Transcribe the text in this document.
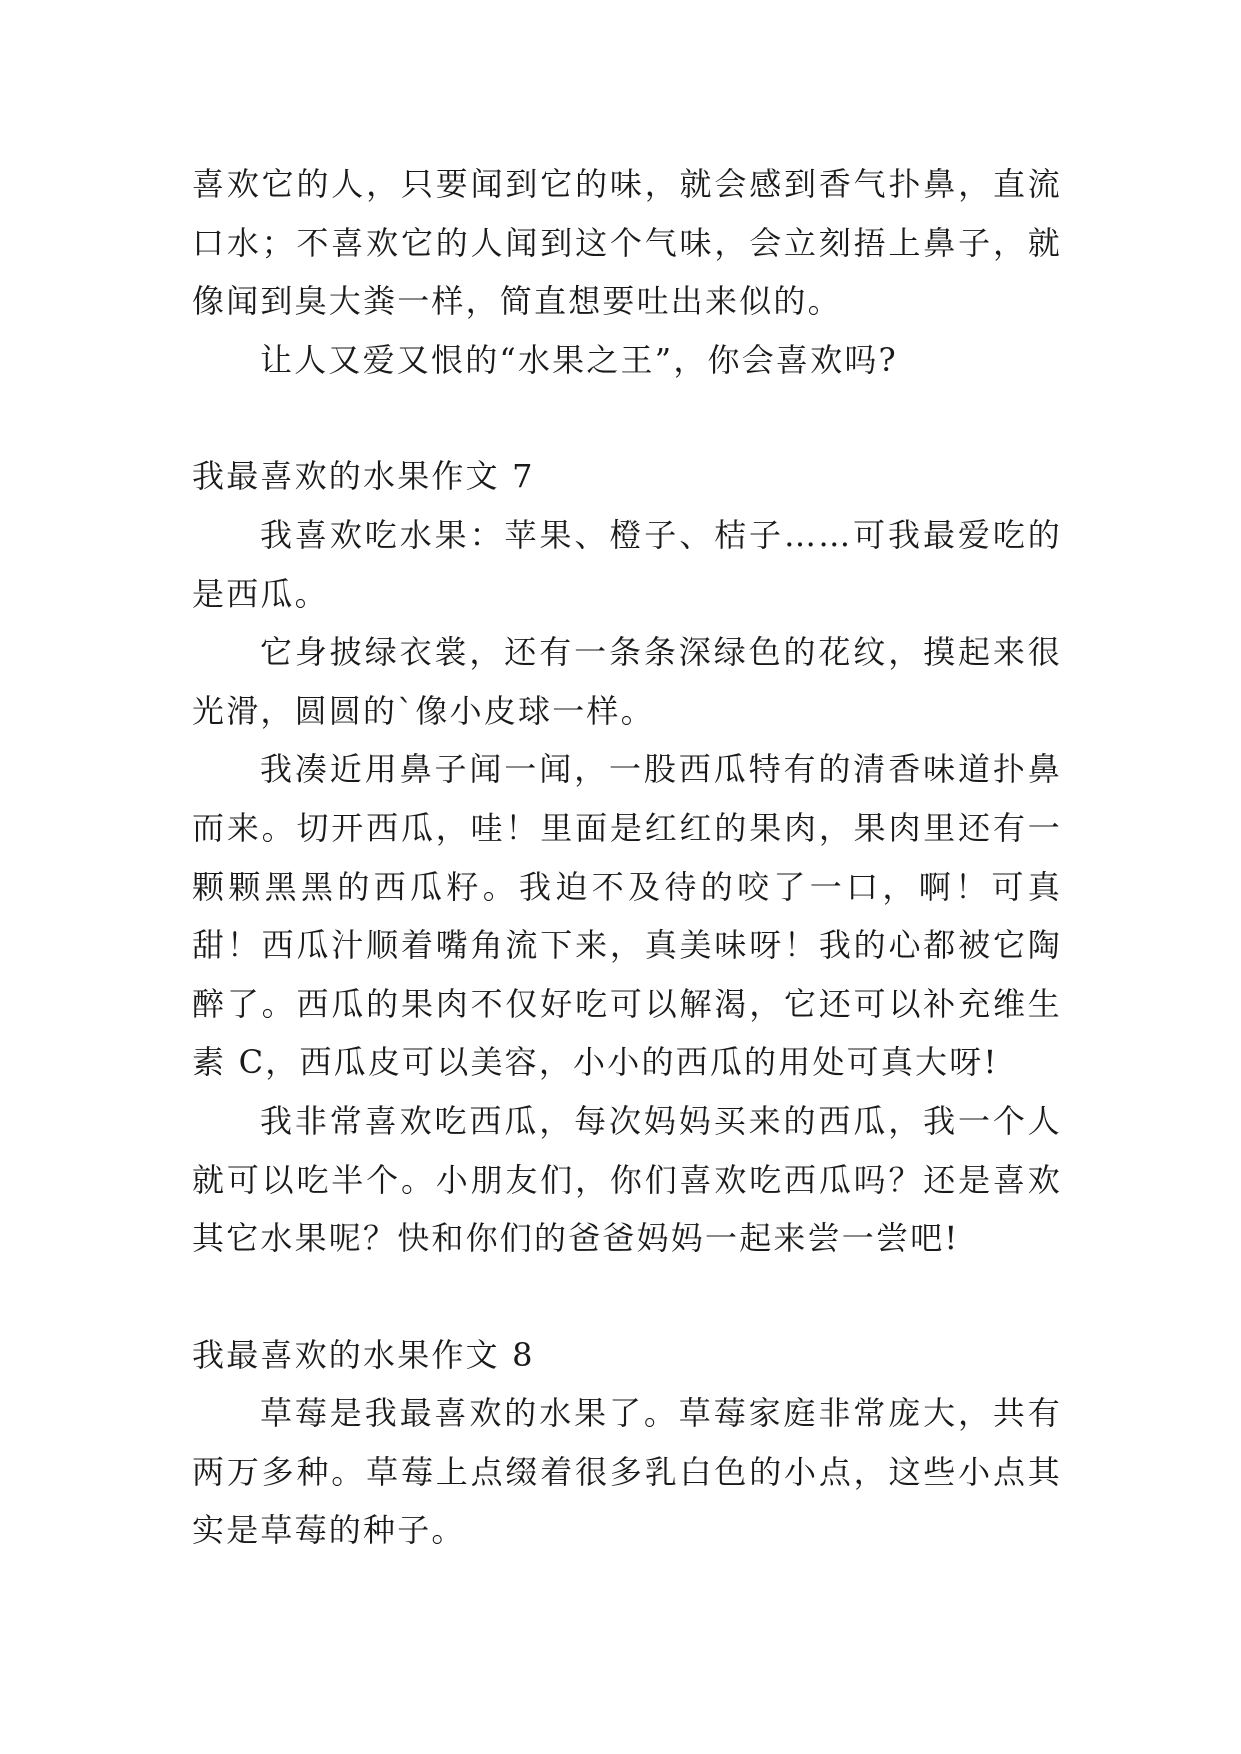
喜欢它的人，只要闻到它的味，就会感到香气扑鼻，直流口水；不喜欢它的人闻到这个气味，会立刻捂上鼻子，就像闻到臭大粪一样，简直想要吐出来似的。

让人又爱又恨的“水果之王”，你会喜欢吗?

我最喜欢的水果作文 7

我喜欢吃水果：苹果、橙子、桔子……可我最爱吃的是西瓜。

它身披绿衣裳，还有一条条深绿色的花纹，摸起来很光滑，圆圆的`像小皮球一样。

我凑近用鼻子闻一闻，一股西瓜特有的清香味道扑鼻而来。切开西瓜，哇！里面是红红的果肉，果肉里还有一颗颗黑黑的西瓜籽。我迫不及待的咬了一口，啊！可真甜！西瓜汁顺着嘴角流下来，真美味呀！我的心都被它陶醉了。西瓜的果肉不仅好吃可以解渴，它还可以补充维生素 C，西瓜皮可以美容，小小的西瓜的用处可真大呀!

我非常喜欢吃西瓜，每次妈妈买来的西瓜，我一个人就可以吃半个。小朋友们，你们喜欢吃西瓜吗？还是喜欢其它水果呢？快和你们的爸爸妈妈一起来尝一尝吧!

我最喜欢的水果作文 8

草莓是我最喜欢的水果了。草莓家庭非常庞大，共有两万多种。草莓上点缀着很多乳白色的小点，这些小点其实是草莓的种子。
